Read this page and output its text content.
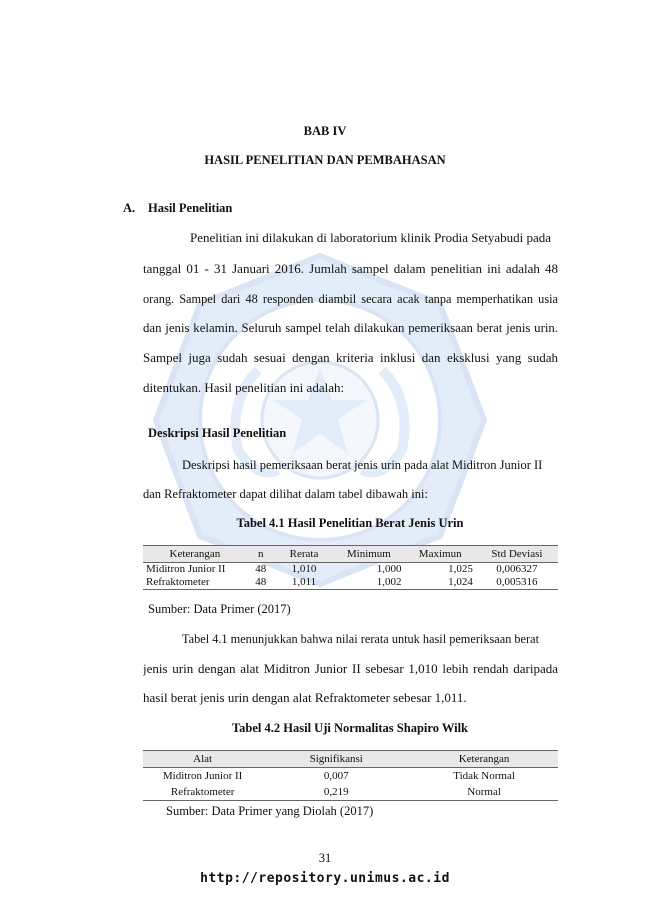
BAB IV
HASIL PENELITIAN DAN PEMBAHASAN
A. Hasil Penelitian
Penelitian ini dilakukan di laboratorium klinik Prodia Setyabudi pada
tanggal 01 - 31 Januari 2016. Jumlah sampel dalam penelitian ini adalah 48
orang. Sampel dari 48 responden diambil secara acak tanpa memperhatikan usia
dan jenis kelamin. Seluruh sampel telah dilakukan pemeriksaan berat jenis urin.
Sampel juga sudah sesuai dengan kriteria inklusi dan eksklusi yang sudah
ditentukan. Hasil penelitian ini adalah:
Deskripsi Hasil Penelitian
Deskripsi hasil pemeriksaan berat jenis urin pada alat Miditron Junior II
dan Refraktometer dapat dilihat dalam tabel dibawah ini:
Tabel 4.1 Hasil Penelitian Berat Jenis Urin
Keterangan	n	Rerata	Minimum	Maximun	Std Deviasi
Miditron Junior II	48	1,010	1,000	1,025	0,006327
Refraktometer	48	1,011	1,002	1,024	0,005316
Sumber: Data Primer (2017)
Tabel 4.1 menunjukkan bahwa nilai rerata untuk hasil pemeriksaan berat
jenis urin dengan alat Miditron Junior II sebesar 1,010 lebih rendah daripada
hasil berat jenis urin dengan alat Refraktometer sebesar 1,011.
Tabel 4.2 Hasil Uji Normalitas Shapiro Wilk
Alat	Signifikansi	Keterangan
Miditron Junior II	0,007	Tidak Normal
Refraktometer	0,219	Normal
Sumber: Data Primer yang Diolah (2017)
31
http://repository.unimus.ac.id
